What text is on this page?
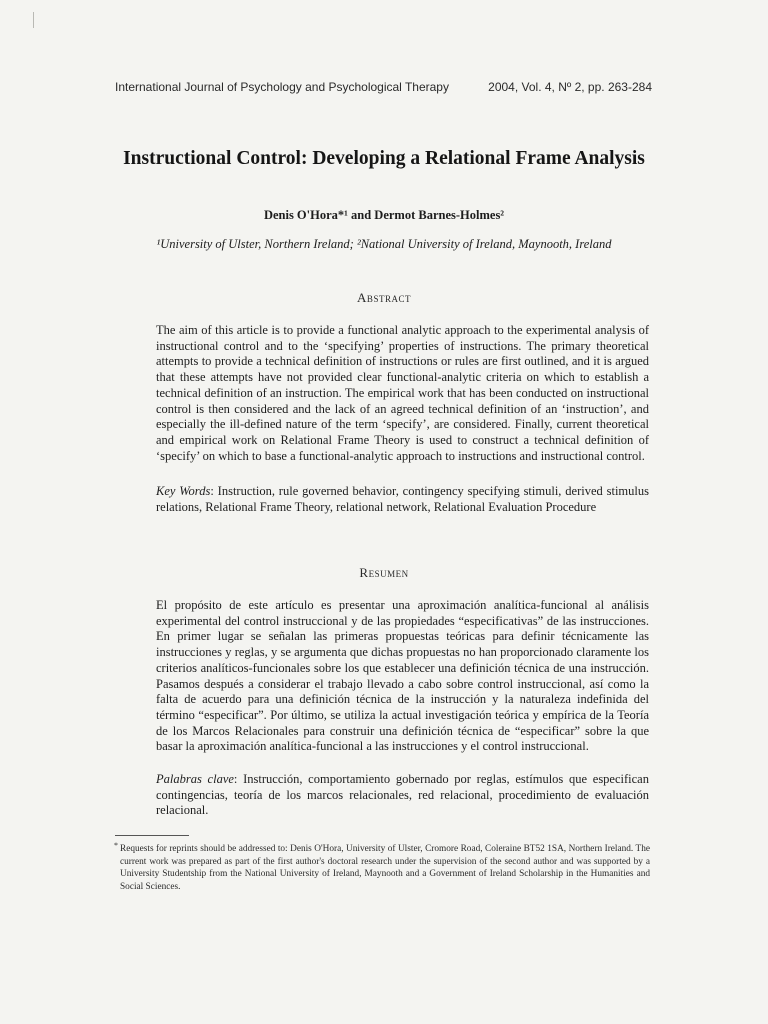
International Journal of Psychology and Psychological Therapy	2004, Vol. 4, Nº 2, pp. 263-284
Instructional Control: Developing a Relational Frame Analysis
Denis O'Hora*¹ and Dermot Barnes-Holmes²
¹University of Ulster, Northern Ireland; ²National University of Ireland, Maynooth, Ireland
Abstract
The aim of this article is to provide a functional analytic approach to the experimental analysis of instructional control and to the ‘specifying’ properties of instructions. The primary theoretical attempts to provide a technical definition of instructions or rules are first outlined, and it is argued that these attempts have not provided clear functional-analytic criteria on which to establish a technical definition of an instruction. The empirical work that has been conducted on instructional control is then considered and the lack of an agreed technical definition of an ‘instruction’, and especially the ill-defined nature of the term ‘specify’, are considered. Finally, current theoretical and empirical work on Relational Frame Theory is used to construct a technical definition of ‘specify’ on which to base a functional-analytic approach to instructions and instructional control.
Key Words: Instruction, rule governed behavior, contingency specifying stimuli, derived stimulus relations, Relational Frame Theory, relational network, Relational Evaluation Procedure
Resumen
El propósito de este artículo es presentar una aproximación analítica-funcional al análisis experimental del control instruccional y de las propiedades “especificativas” de las instrucciones. En primer lugar se señalan las primeras propuestas teóricas para definir técnicamente las instrucciones y reglas, y se argumenta que dichas propuestas no han proporcionado claramente los criterios analíticos-funcionales sobre los que establecer una definición técnica de una instrucción. Pasamos después a considerar el trabajo llevado a cabo sobre control instruccional, así como la falta de acuerdo para una definición técnica de la instrucción y la naturaleza indefinida del término “especificar”. Por último, se utiliza la actual investigación teórica y empírica de la Teoría de los Marcos Relacionales para construir una definición técnica de “especificar” sobre la que basar la aproximación analítica-funcional a las instrucciones y el control instruccional.
Palabras clave: Instrucción, comportamiento gobernado por reglas, estímulos que especifican contingencias, teoría de los marcos relacionales, red relacional, procedimiento de evaluación relacional.
* Requests for reprints should be addressed to: Denis O'Hora, University of Ulster, Cromore Road, Coleraine BT52 1SA, Northern Ireland. The current work was prepared as part of the first author's doctoral research under the supervision of the second author and was supported by a University Studentship from the National University of Ireland, Maynooth and a Government of Ireland Scholarship in the Humanities and Social Sciences.
